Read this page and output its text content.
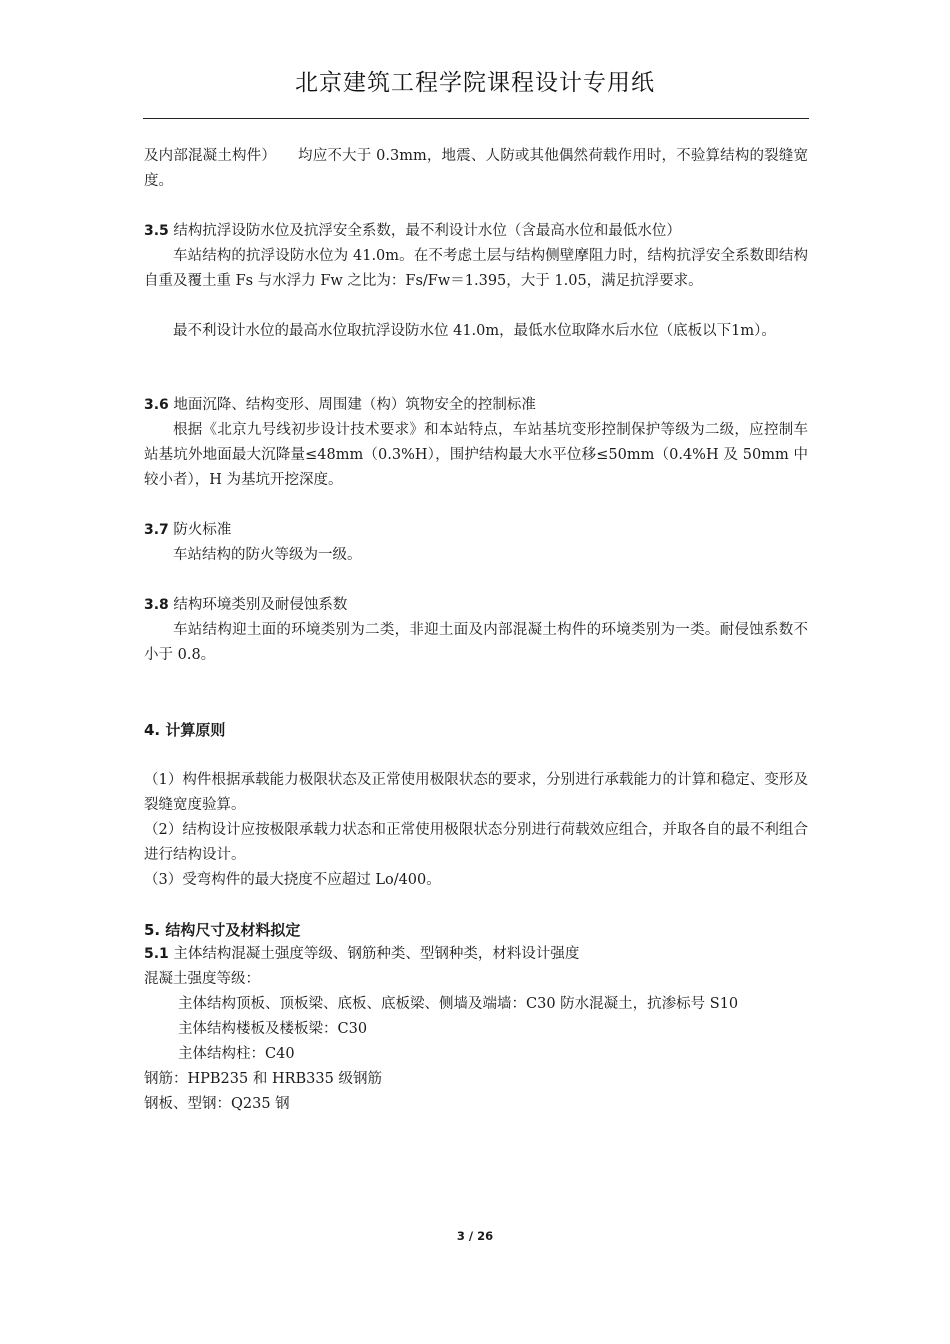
北京建筑工程学院课程设计专用纸
及内部混凝土构件）　　均应不大于 0.3mm，地震、人防或其他偶然荷载作用时，不验算结构的裂缝宽度。
3.5 结构抗浮设防水位及抗浮安全系数，最不利设计水位（含最高水位和最低水位）
车站结构的抗浮设防水位为 41.0m。在不考虑土层与结构侧壁摩阻力时，结构抗浮安全系数即结构自重及覆土重 Fs 与水浮力 Fw 之比为：Fs/Fw＝1.395，大于 1.05，满足抗浮要求。
最不利设计水位的最高水位取抗浮设防水位 41.0m，最低水位取降水后水位（底板以下1m）。
3.6 地面沉降、结构变形、周围建（构）筑物安全的控制标准
根据《北京九号线初步设计技术要求》和本站特点，车站基坑变形控制保护等级为二级，应控制车站基坑外地面最大沉降量≤48mm（0.3%H），围护结构最大水平位移≤50mm（0.4%H 及 50mm 中较小者），H 为基坑开挖深度。
3.7 防火标准
车站结构的防火等级为一级。
3.8 结构环境类别及耐侵蚀系数
车站结构迎土面的环境类别为二类，非迎土面及内部混凝土构件的环境类别为一类。耐侵蚀系数不小于 0.8。
4. 计算原则
（1）构件根据承载能力极限状态及正常使用极限状态的要求，分别进行承载能力的计算和稳定、变形及裂缝宽度验算。
（2）结构设计应按极限承载力状态和正常使用极限状态分别进行荷载效应组合，并取各自的最不利组合进行结构设计。
（3）受弯构件的最大挠度不应超过 Lo/400。
5. 结构尺寸及材料拟定
5.1 主体结构混凝土强度等级、钢筋种类、型钢种类，材料设计强度
混凝土强度等级：
主体结构顶板、顶板梁、底板、底板梁、侧墙及端墙：C30 防水混凝土，抗渗标号 S10
主体结构楼板及楼板梁：C30
主体结构柱：C40
钢筋：HPB235 和 HRB335 级钢筋
钢板、型钢：Q235 钢
3 / 26
